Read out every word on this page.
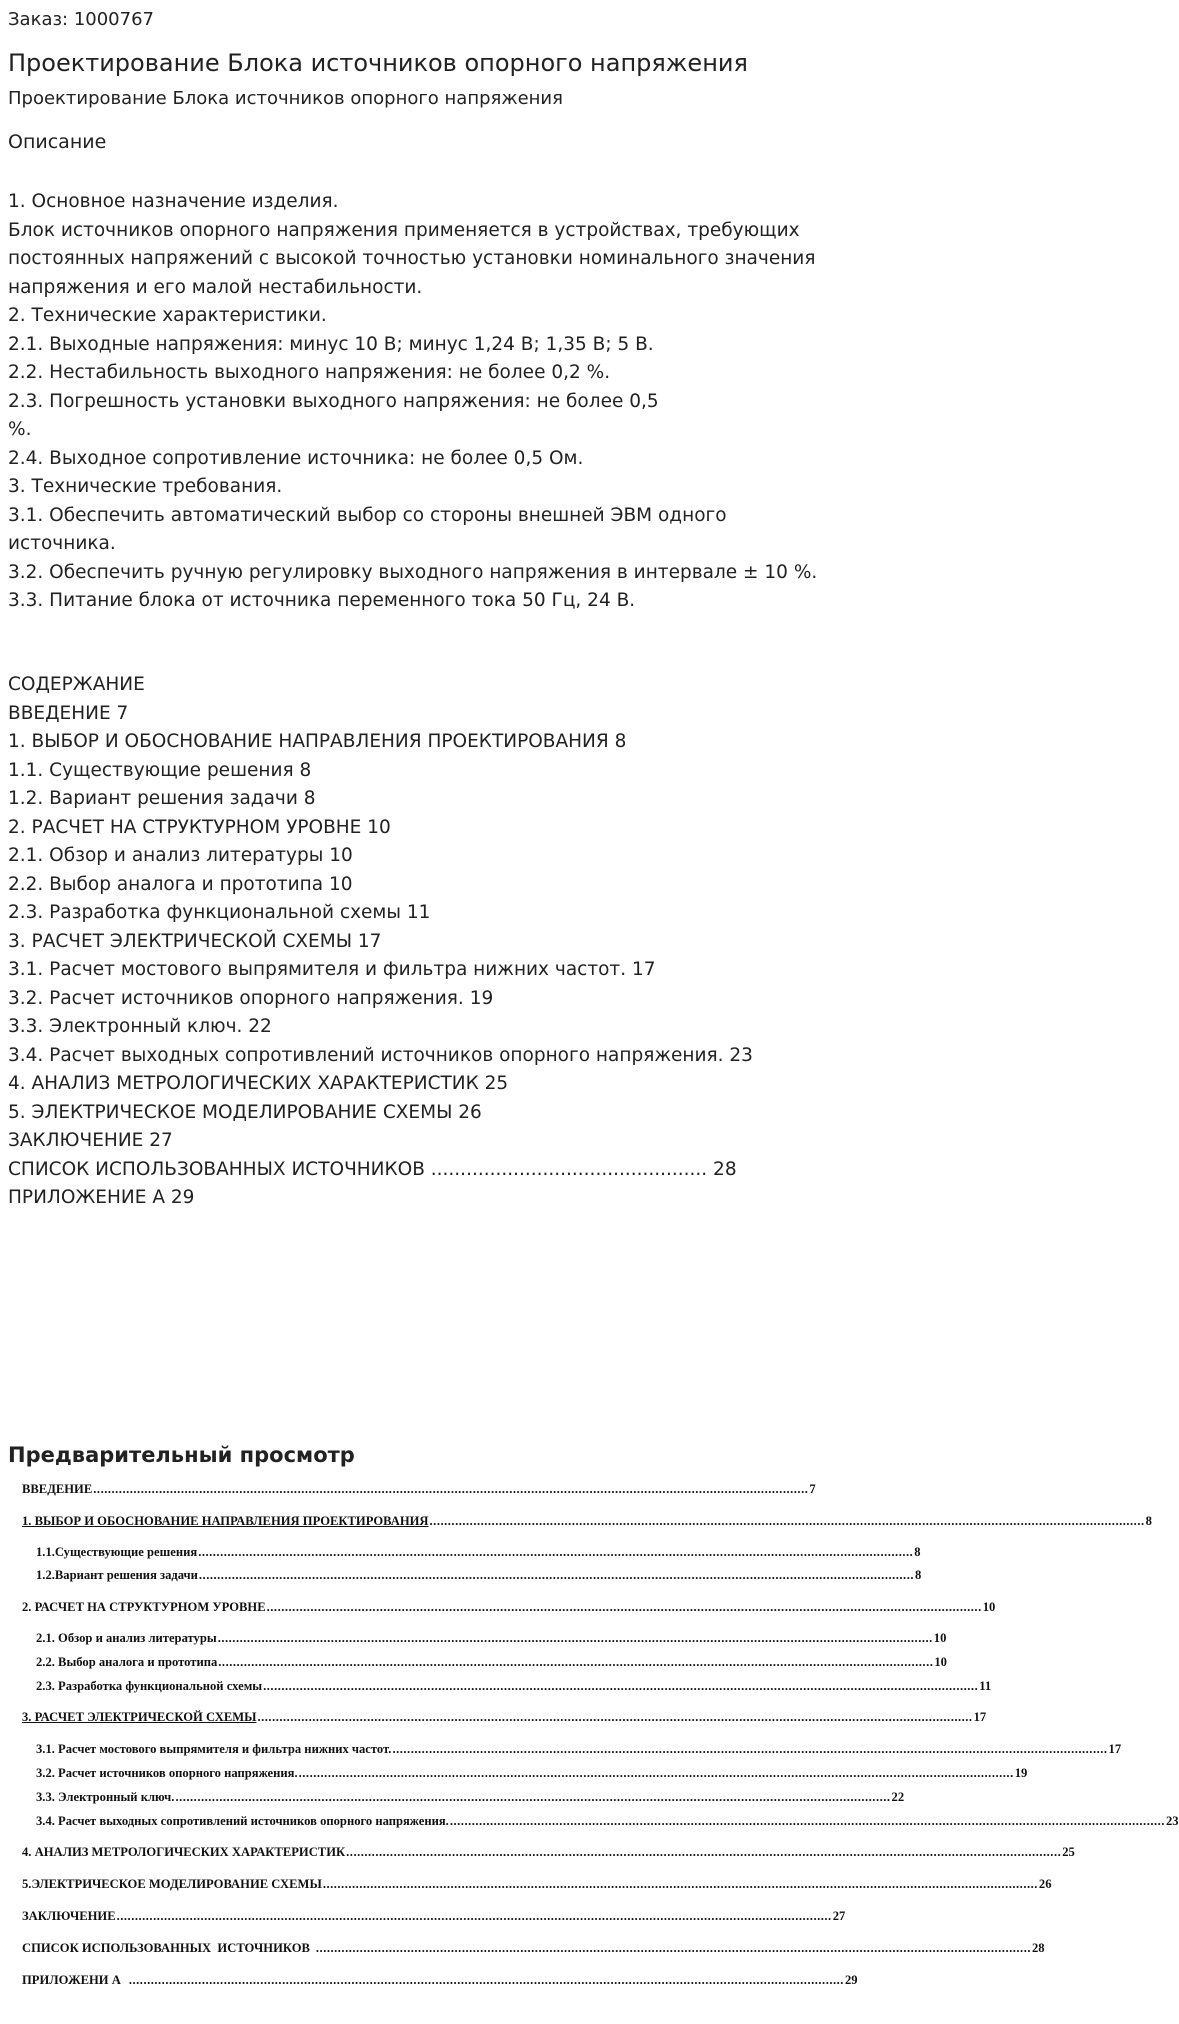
Заказ: 1000767
Проектирование Блока источников опорного напряжения
Проектирование Блока источников опорного напряжения
Описание
1. Основное назначение изделия.
Блок источников опорного напряжения применяется в устройствах, требующих
постоянных напряжений с высокой точностью установки номинального значения
напряжения и его малой нестабильности.
2. Технические характеристики.
2.1. Выходные напряжения: минус 10 В; минус 1,24 В; 1,35 В; 5 В.
2.2. Нестабильность выходного напряжения: не более 0,2 %.
2.3. Погрешность установки выходного напряжения: не более 0,5
%.
2.4. Выходное сопротивление источника: не более 0,5 Ом.
3. Технические требования.
3.1. Обеспечить автоматический выбор со стороны внешней ЭВМ одного
источника.
3.2. Обеспечить ручную регулировку выходного напряжения в интервале ± 10 %.
3.3. Питание блока от источника переменного тока 50 Гц, 24 В.
СОДЕРЖАНИЕ
ВВЕДЕНИЕ 7
1. ВЫБОР И ОБОСНОВАНИЕ НАПРАВЛЕНИЯ ПРОЕКТИРОВАНИЯ 8
1.1. Существующие решения 8
1.2. Вариант решения задачи 8
2. РАСЧЕТ НА СТРУКТУРНОМ УРОВНЕ 10
2.1. Обзор и анализ литературы 10
2.2. Выбор аналога и прототипа 10
2.3. Разработка функциональной схемы 11
3. РАСЧЕТ ЭЛЕКТРИЧЕСКОЙ СХЕМЫ 17
3.1. Расчет мостового выпрямителя и фильтра нижних частот. 17
3.2. Расчет источников опорного напряжения. 19
3.3. Электронный ключ. 22
3.4. Расчет выходных сопротивлений источников опорного напряжения. 23
4. АНАЛИЗ МЕТРОЛОГИЧЕСКИХ ХАРАКТЕРИСТИК 25
5. ЭЛЕКТРИЧЕСКОЕ МОДЕЛИРОВАНИЕ СХЕМЫ 26
ЗАКЛЮЧЕНИЕ 27
СПИСОК ИСПОЛЬЗОВАННЫХ ИСТОЧНИКОВ ............................................... 28
ПРИЛОЖЕНИЕ А 29
Предварительный просмотр
ВВЕДЕНИЕ .................................................................................................................................................................................................... 7
1. ВЫБОР И ОБОСНОВАНИЕ НАПРАВЛЕНИЯ ПРОЕКТИРОВАНИЯ .................................................................................................................................................................................................... 8
1.1. Существующие решения .................................................................................................................................................................................................... 8
1.2. Вариант решения задачи .................................................................................................................................................................................................... 8
2. РАСЧЕТ НА СТРУКТУРНОМ УРОВНЕ .................................................................................................................................................................................................... 10
2.1. Обзор и анализ литературы .................................................................................................................................................................................................... 10
2.2. Выбор аналога и прототипа .................................................................................................................................................................................................... 10
2.3. Разработка функциональной схемы .................................................................................................................................................................................................... 11
3. РАСЧЕТ ЭЛЕКТРИЧЕСКОЙ СХЕМЫ .................................................................................................................................................................................................... 17
3.1. Расчет мостового выпрямителя и фильтра нижних частот. .................................................................................................................................................................................................... 17
3.2. Расчет источников опорного напряжения. .................................................................................................................................................................................................... 19
3.3. Электронный ключ. .................................................................................................................................................................................................... 22
3.4. Расчет выходных сопротивлений источников опорного напряжения. .................................................................................................................................................................................................... 23
4. АНАЛИЗ МЕТРОЛОГИЧЕСКИХ ХАРАКТЕРИСТИК .................................................................................................................................................................................................... 25
5. ЭЛЕКТРИЧЕСКОЕ МОДЕЛИРОВАНИЕ СХЕМЫ .................................................................................................................................................................................................... 26
ЗАКЛЮЧЕНИЕ .................................................................................................................................................................................................... 27
СПИСОК ИСПОЛЬЗОВАННЫХ  ИСТОЧНИКОВ .................................................................................................................................................................................................... 28
ПРИЛОЖЕНИ А .................................................................................................................................................................................................... 29
